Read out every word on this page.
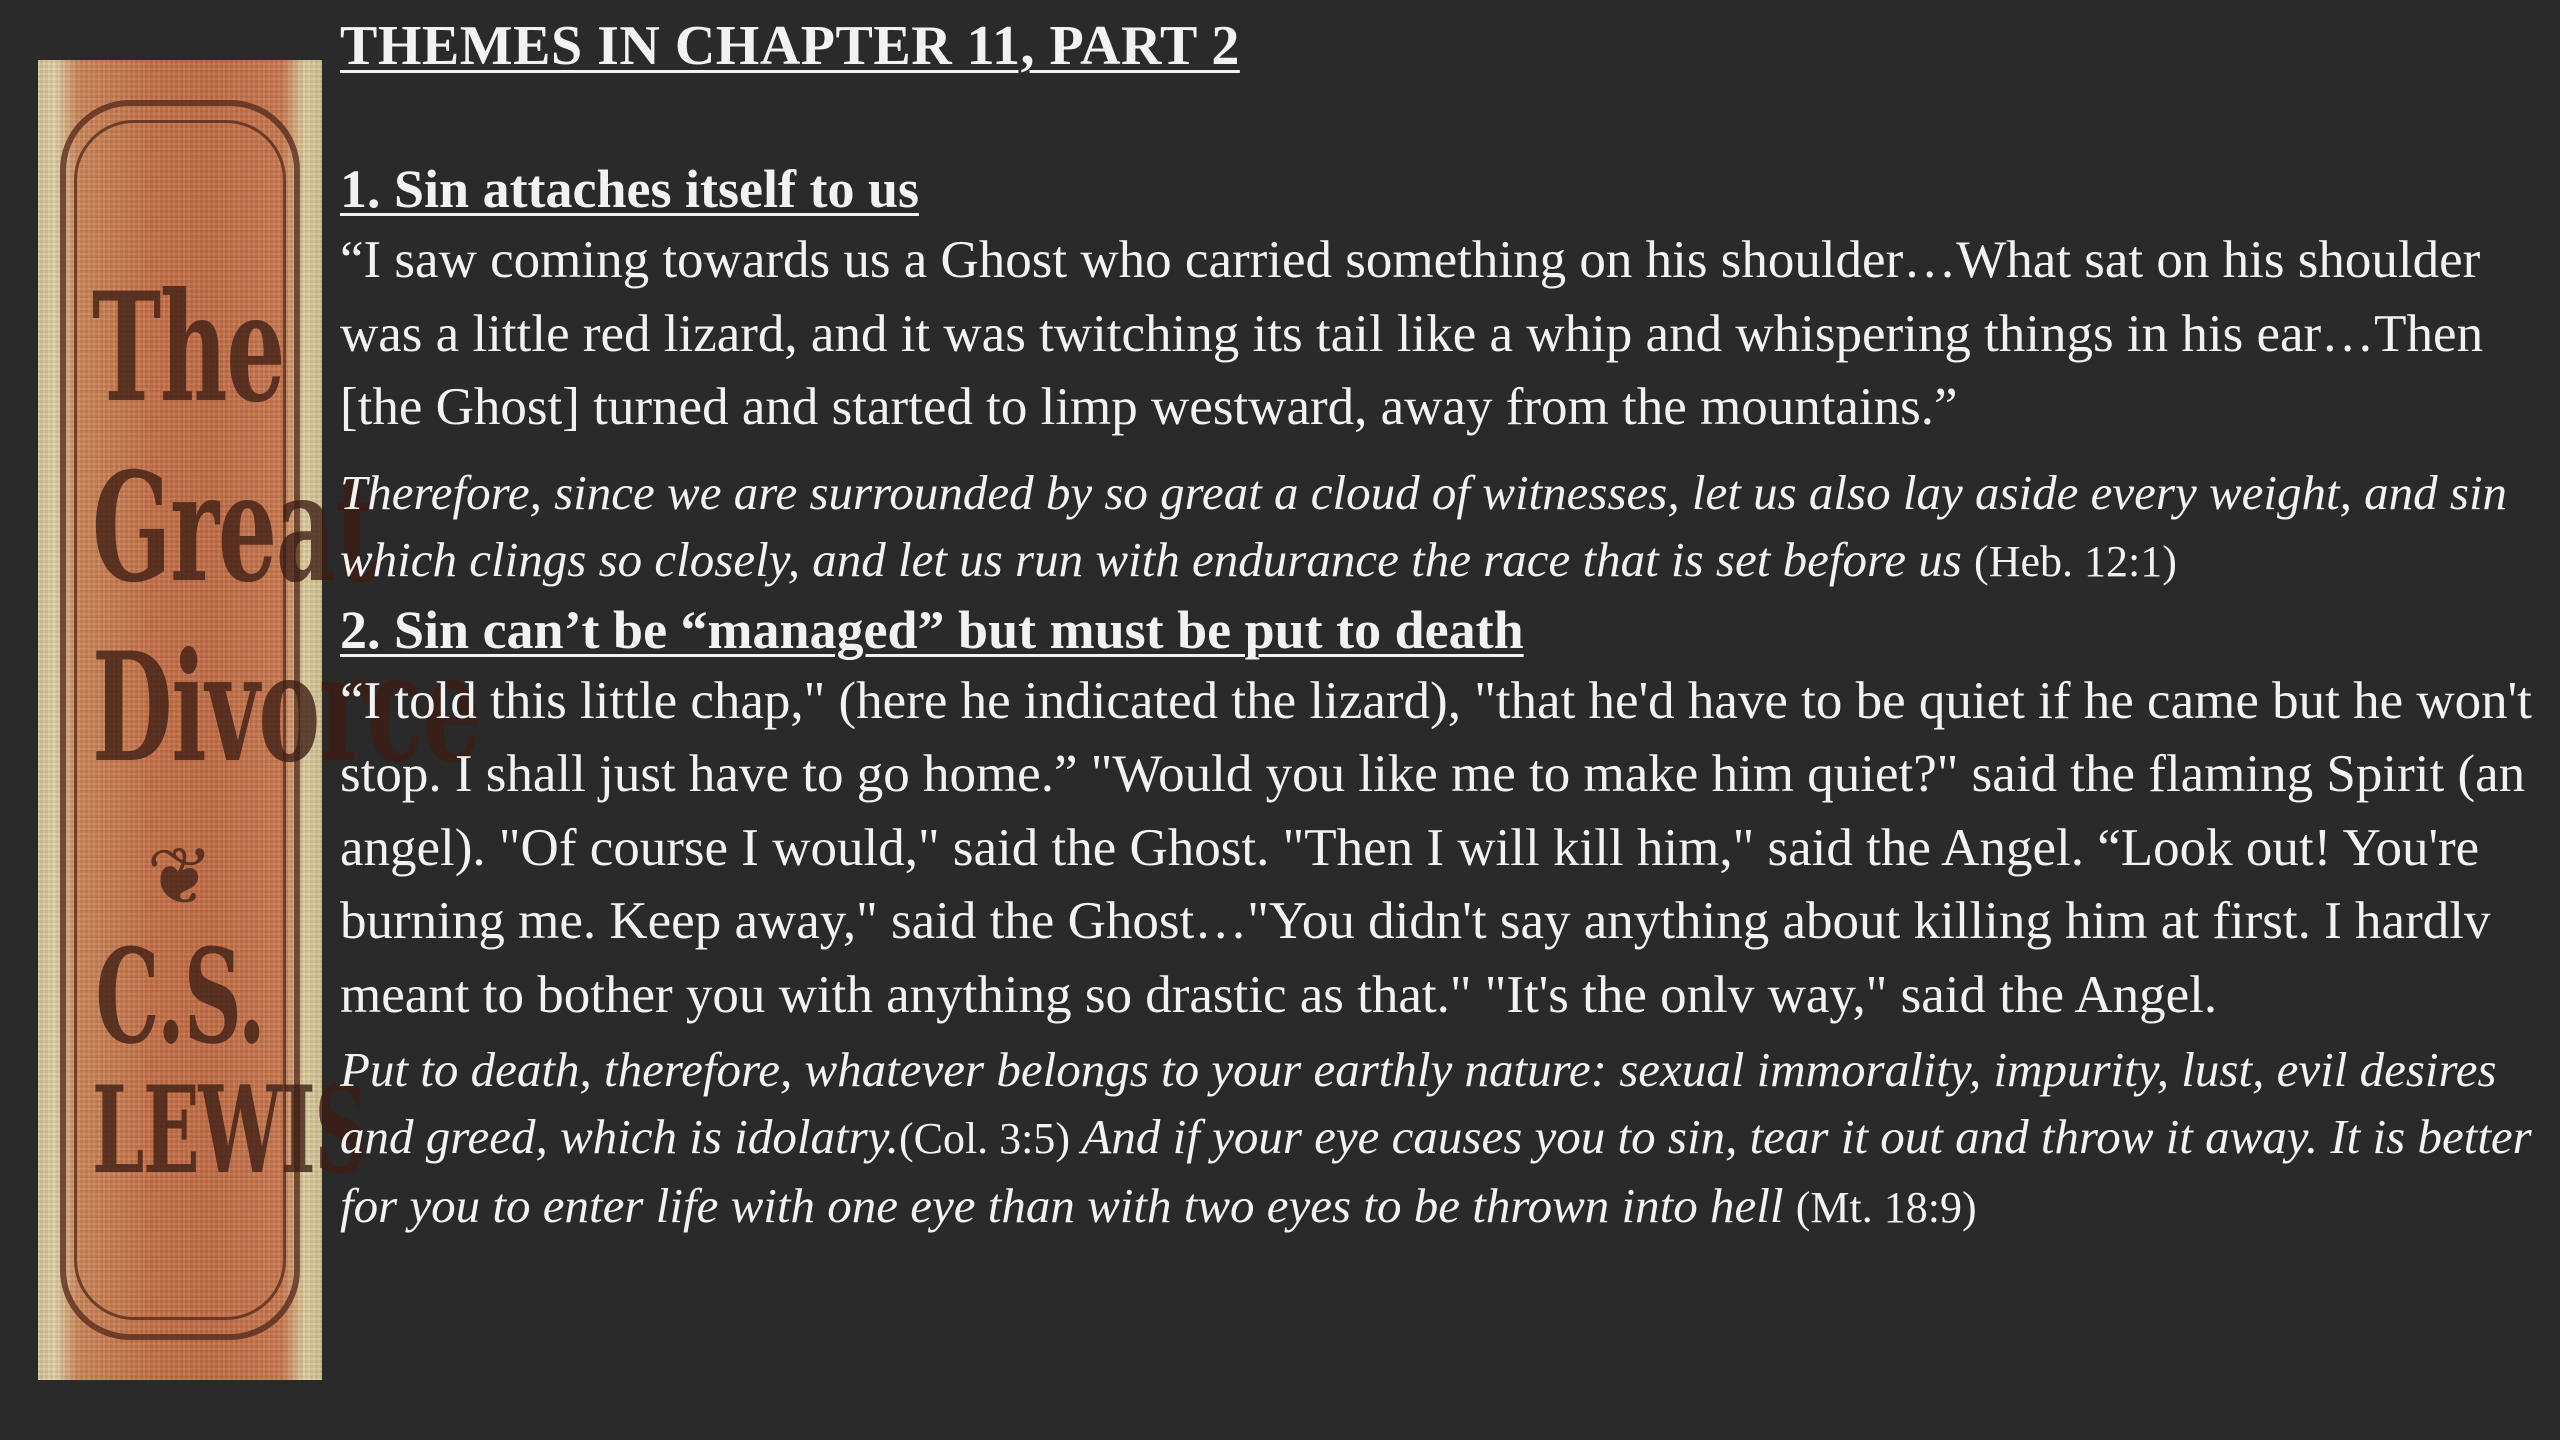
The
Great
Divorce
❦
C.S.
LEWIS
THEMES IN CHAPTER 11, PART 2
1. Sin attaches itself to us

“I saw coming towards us a Ghost who carried something on his shoulder…What sat on his shoulder was a little red lizard, and it was twitching its tail like a whip and whispering things in his ear…Then [the Ghost] turned and started to limp westward, away from the mountains.”

Therefore, since we are surrounded by so great a cloud of witnesses, let us also lay aside every weight, and sin which clings so closely, and let us run with endurance the race that is set before us (Heb. 12:1)

2. Sin can’t be “managed” but must be put to death

“I told this little chap," (here he indicated the lizard), "that he'd have to be quiet if he came but he won't stop. I shall just have to go home.” "Would you like me to make him quiet?" said the flaming Spirit (an angel). "Of course I would," said the Ghost. "Then I will kill him," said the Angel. “Look out! You're burning me. Keep away," said the Ghost…"You didn't say anything about killing him at first. I hardlv meant to bother you with anything so drastic as that." "It's the onlv way," said the Angel.

Put to death, therefore, whatever belongs to your earthly nature: sexual immorality, impurity, lust, evil desires and greed, which is idolatry.(Col. 3:5) And if your eye causes you to sin, tear it out and throw it away. It is better for you to enter life with one eye than with two eyes to be thrown into hell (Mt. 18:9)
